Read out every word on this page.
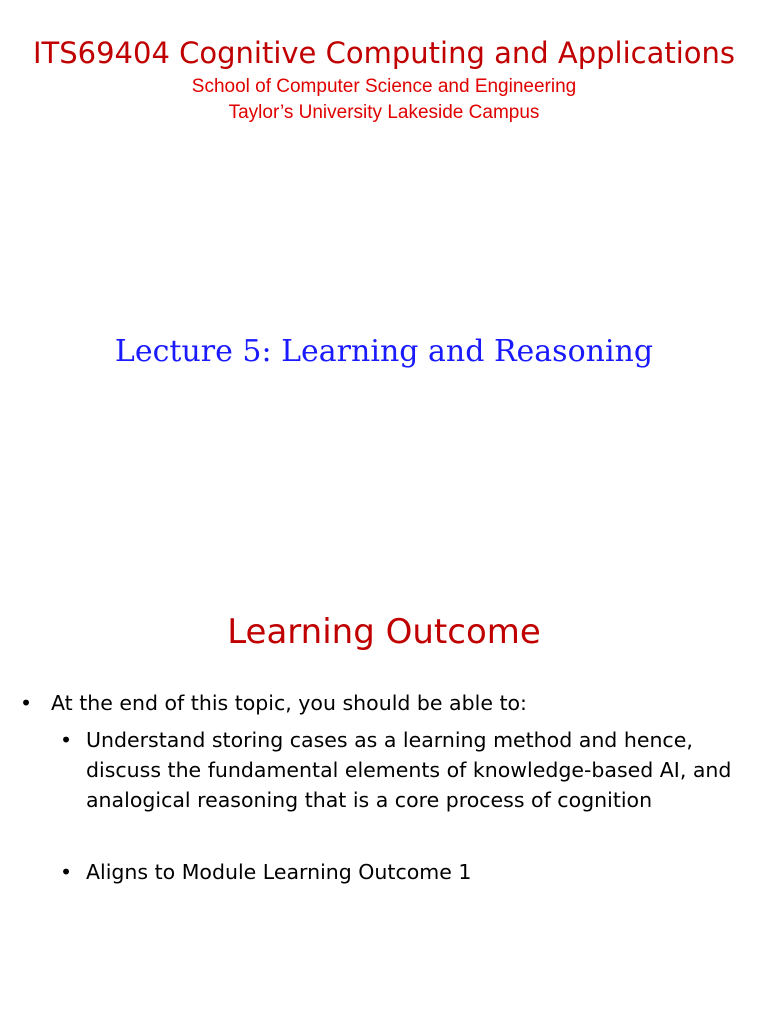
ITS69404 Cognitive Computing and Applications
School of Computer Science and Engineering
Taylor’s University Lakeside Campus
Lecture 5: Learning and Reasoning
Learning Outcome
• At the end of this topic, you should be able to:
• Understand storing cases as a learning method and hence, discuss the fundamental elements of knowledge-based AI, and analogical reasoning that is a core process of cognition
• Aligns to Module Learning Outcome 1
